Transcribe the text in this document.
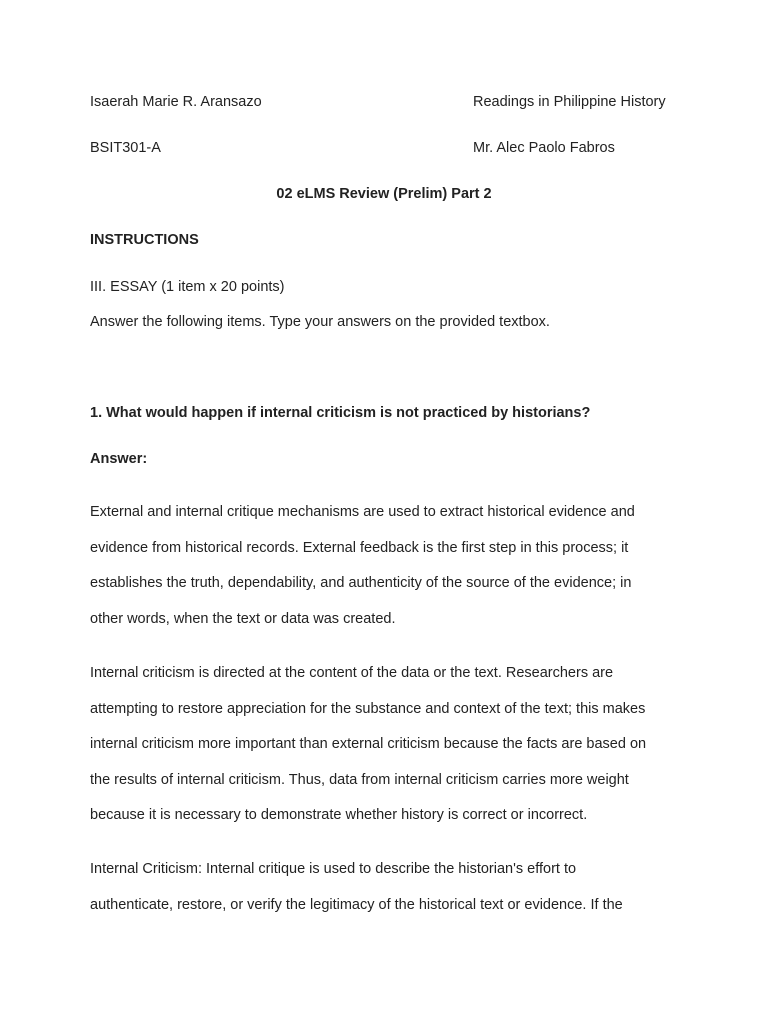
Isaerah Marie R. Aransazo	Readings in Philippine History
BSIT301-A	Mr. Alec Paolo Fabros
02 eLMS Review (Prelim) Part 2
INSTRUCTIONS
III. ESSAY (1 item x 20 points)
Answer the following items. Type your answers on the provided textbox.
1. What would happen if internal criticism is not practiced by historians?
Answer:
External and internal critique mechanisms are used to extract historical evidence and
evidence from historical records. External feedback is the first step in this process; it
establishes the truth, dependability, and authenticity of the source of the evidence; in
other words, when the text or data was created.
Internal criticism is directed at the content of the data or the text. Researchers are
attempting to restore appreciation for the substance and context of the text; this makes
internal criticism more important than external criticism because the facts are based on
the results of internal criticism. Thus, data from internal criticism carries more weight
because it is necessary to demonstrate whether history is correct or incorrect.
Internal Criticism: Internal critique is used to describe the historian's effort to
authenticate, restore, or verify the legitimacy of the historical text or evidence. If the
